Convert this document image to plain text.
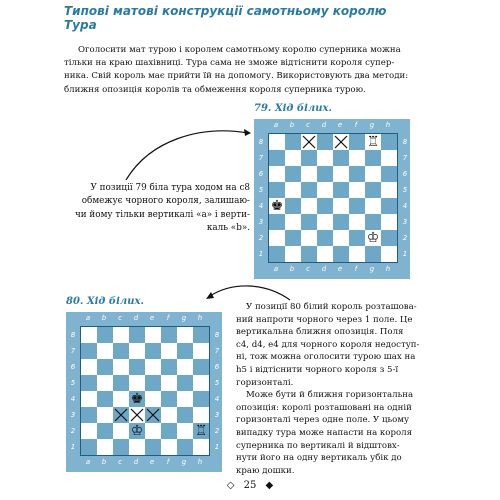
Типові матові конструкції самотньому королю
Тура
Оголосити мат турою і королем самотньому королю суперника можна
тільки на краю шахівниці. Тура сама не зможе відтіснити короля супер-
ника. Свій король має прийти їй на допомогу. Використовують два методи:
ближня опозиція королів та обмеження короля суперника турою.
79. Хід білих.
a	b	c	d	e	f	g	h
a	b	c	d	e	f	g	h
8
7
6
5
4
3
2
1
8
7
6
5
4
3
2
1
♖
♚
♔
У позиції 79 біла тура ходом на c8
обмежує чорного короля, залишаю-
чи йому тільки вертикалі «a» і верти-
каль «b».
80. Хід білих.
a	b	c	d	e	f	g	h
a	b	c	d	e	f	g	h
8
7
6
5
4
3
2
1
8
7
6
5
4
3
2
1
♚
♔	♖
У позиції 80 білий король розташова-
ний напроти чорного через 1 поле. Це
вертикальна ближня опозиція. Поля
c4, d4, e4 для чорного короля недоступ-
ні, тож можна оголосити турою шах на
h5 і відтіснити чорного короля з 5-ї
горизонталі.
Може бути й ближня горизонтальна
опозиція: королі розташовані на одній
горизонталі через одне поле. У цьому
випадку тура може напасти на короля
суперника по вертикалі й відштовх-
нути його на одну вертикаль убік до
краю дошки.
◇ 25 ◆
